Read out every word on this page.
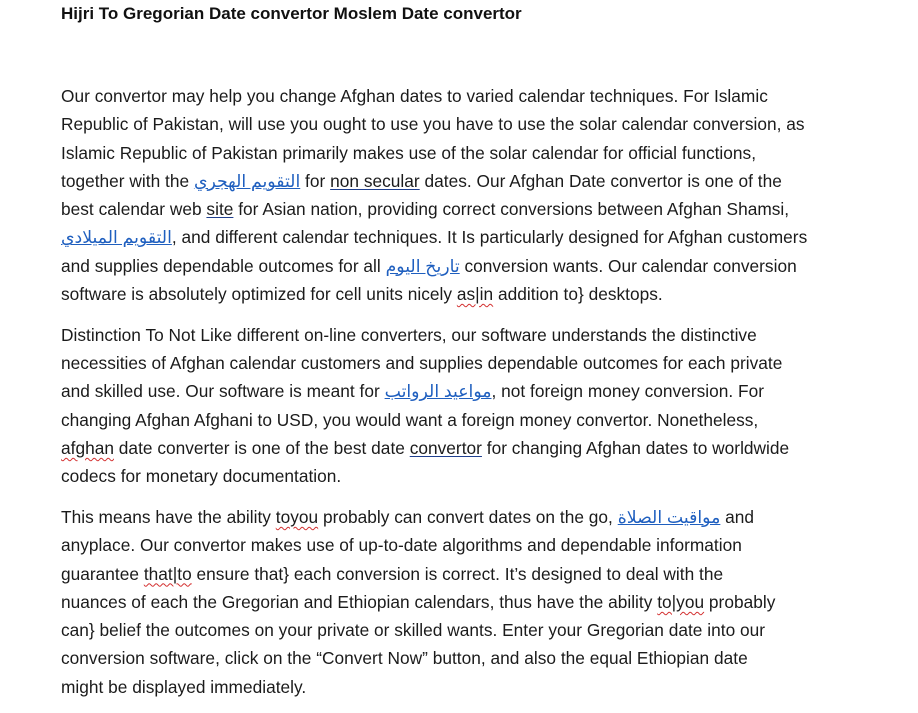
Hijri To Gregorian Date convertor Moslem Date convertor
Our convertor may help you change Afghan dates to varied calendar techniques. For Islamic
Republic of Pakistan, will use you ought to use you have to use the solar calendar conversion, as
Islamic Republic of Pakistan primarily makes use of the solar calendar for official functions,
together with the التقويم الهجري for non secular dates. Our Afghan Date convertor is one of the
best calendar web site for Asian nation, providing correct conversions between Afghan Shamsi,
التقويم الميلادي, and different calendar techniques. It Is particularly designed for Afghan customers
and supplies dependable outcomes for all تاريخ اليوم conversion wants. Our calendar conversion
software is absolutely optimized for cell units nicely as|in addition to} desktops.
Distinction To Not Like different on-line converters, our software understands the distinctive
necessities of Afghan calendar customers and supplies dependable outcomes for each private
and skilled use. Our software is meant for مواعيد الرواتب, not foreign money conversion. For
changing Afghan Afghani to USD, you would want a foreign money convertor. Nonetheless,
afghan date converter is one of the best date convertor for changing Afghan dates to worldwide
codecs for monetary documentation.
This means have the ability toyou probably can convert dates on the go, مواقيت الصلاة and
anyplace. Our convertor makes use of up-to-date algorithms and dependable information
guarantee that|to ensure that} each conversion is correct. It’s designed to deal with the
nuances of each the Gregorian and Ethiopian calendars, thus have the ability to|you probably
can} belief the outcomes on your private or skilled wants. Enter your Gregorian date into our
conversion software, click on the “Convert Now” button, and also the equal Ethiopian date
might be displayed immediately.
